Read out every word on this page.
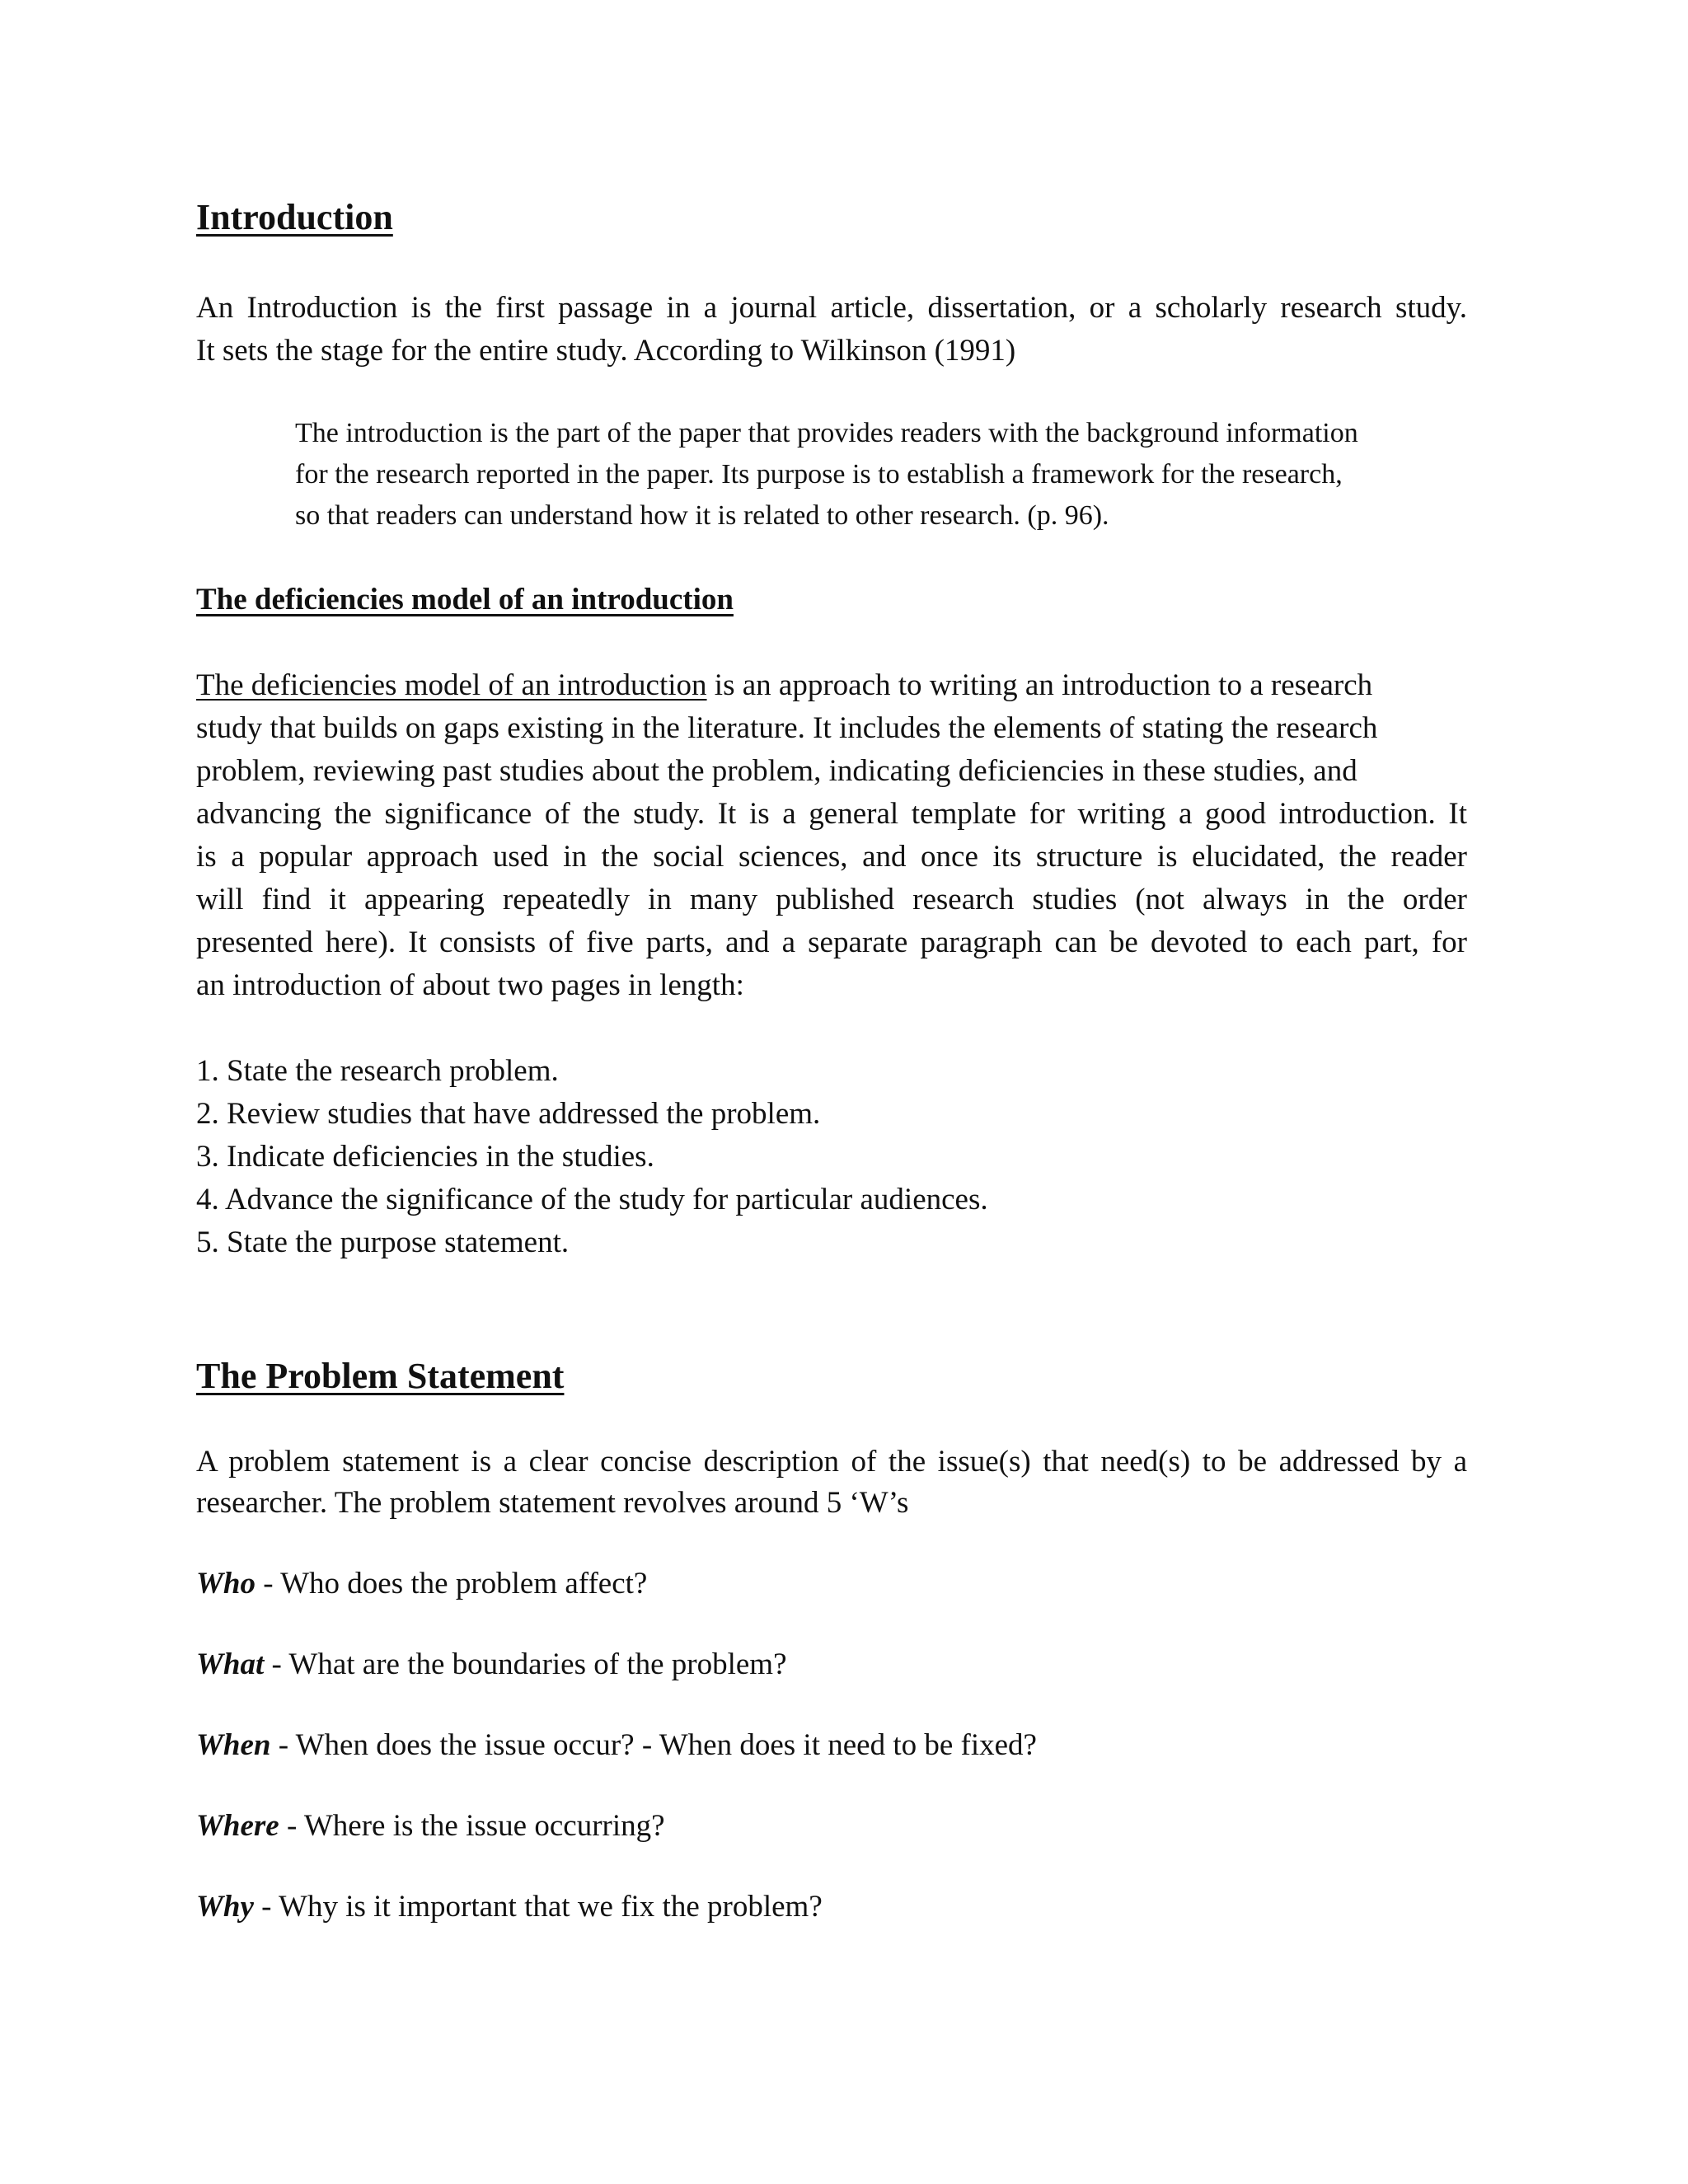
Introduction
An Introduction is the first passage in a journal article, dissertation, or a scholarly research study.
It sets the stage for the entire study. According to Wilkinson (1991)
The introduction is the part of the paper that provides readers with the background information
for the research reported in the paper. Its purpose is to establish a framework for the research,
so that readers can understand how it is related to other research. (p. 96).
The deficiencies model of an introduction
The deficiencies model of an introduction is an approach to writing an introduction to a research
study that builds on gaps existing in the literature. It includes the elements of stating the research
problem, reviewing past studies about the problem, indicating deficiencies in these studies, and
advancing the significance of the study. It is a general template for writing a good introduction. It
is a popular approach used in the social sciences, and once its structure is elucidated, the reader
will find it appearing repeatedly in many published research studies (not always in the order
presented here). It consists of five parts, and a separate paragraph can be devoted to each part, for
an introduction of about two pages in length:
1. State the research problem.
2. Review studies that have addressed the problem.
3. Indicate deficiencies in the studies.
4. Advance the significance of the study for particular audiences.
5. State the purpose statement.
The Problem Statement
A problem statement is a clear concise description of the issue(s) that need(s) to be addressed by a
researcher. The problem statement revolves around 5 ‘W’s
Who - Who does the problem affect?
What - What are the boundaries of the problem?
When - When does the issue occur? - When does it need to be fixed?
Where - Where is the issue occurring?
Why - Why is it important that we fix the problem?
